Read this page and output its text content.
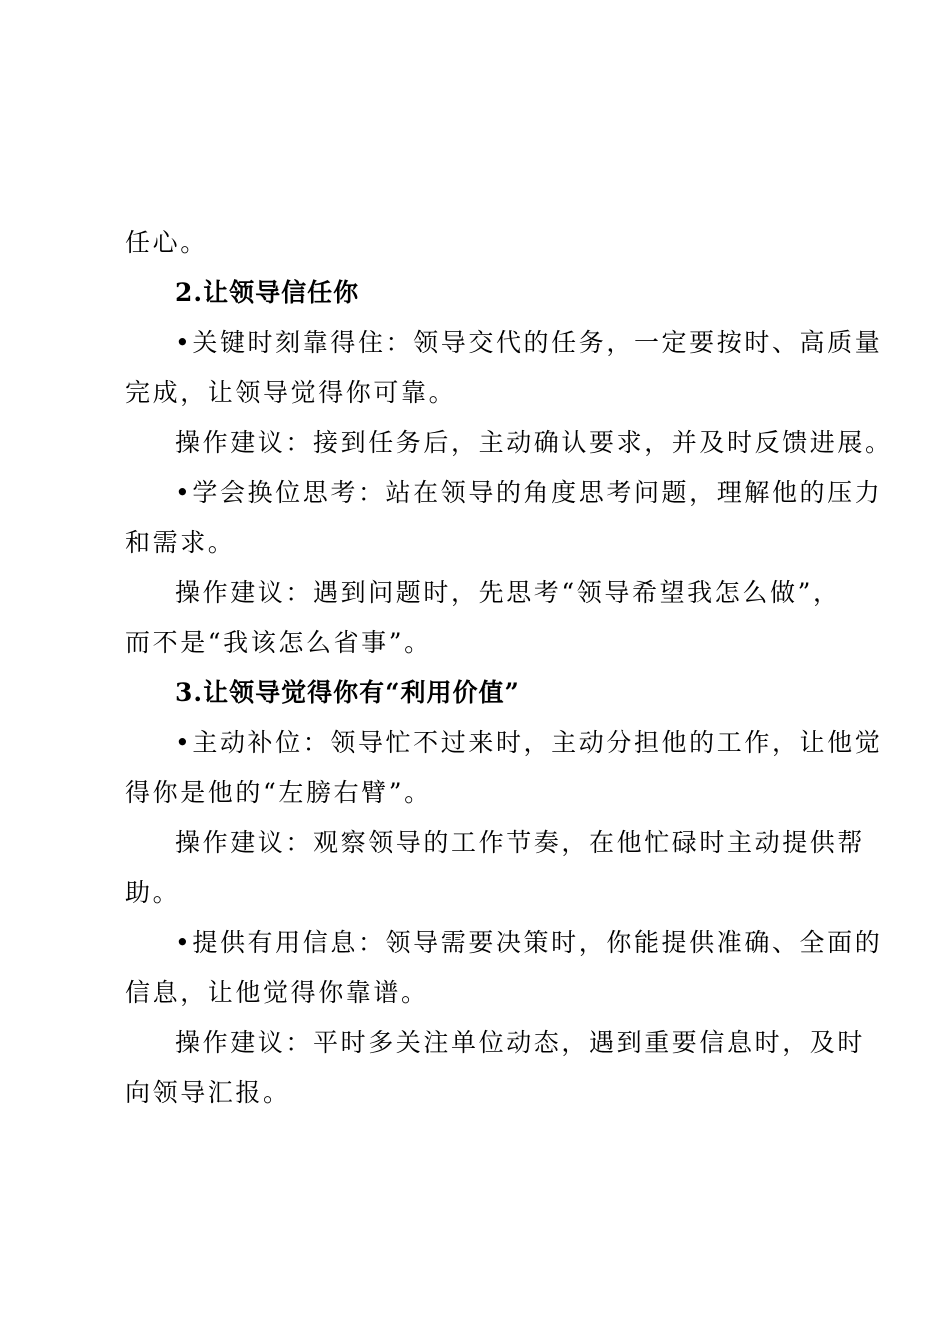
任心。
2.让领导信任你
•关键时刻靠得住：领导交代的任务，一定要按时、高质量
完成，让领导觉得你可靠。
操作建议：接到任务后，主动确认要求，并及时反馈进展。
•学会换位思考：站在领导的角度思考问题，理解他的压力
和需求。
操作建议：遇到问题时，先思考“领导希望我怎么做”，
而不是“我该怎么省事”。
3.让领导觉得你有“利用价值”
•主动补位：领导忙不过来时，主动分担他的工作，让他觉
得你是他的“左膀右臂”。
操作建议：观察领导的工作节奏，在他忙碌时主动提供帮
助。
•提供有用信息：领导需要决策时，你能提供准确、全面的
信息，让他觉得你靠谱。
操作建议：平时多关注单位动态，遇到重要信息时，及时
向领导汇报。
